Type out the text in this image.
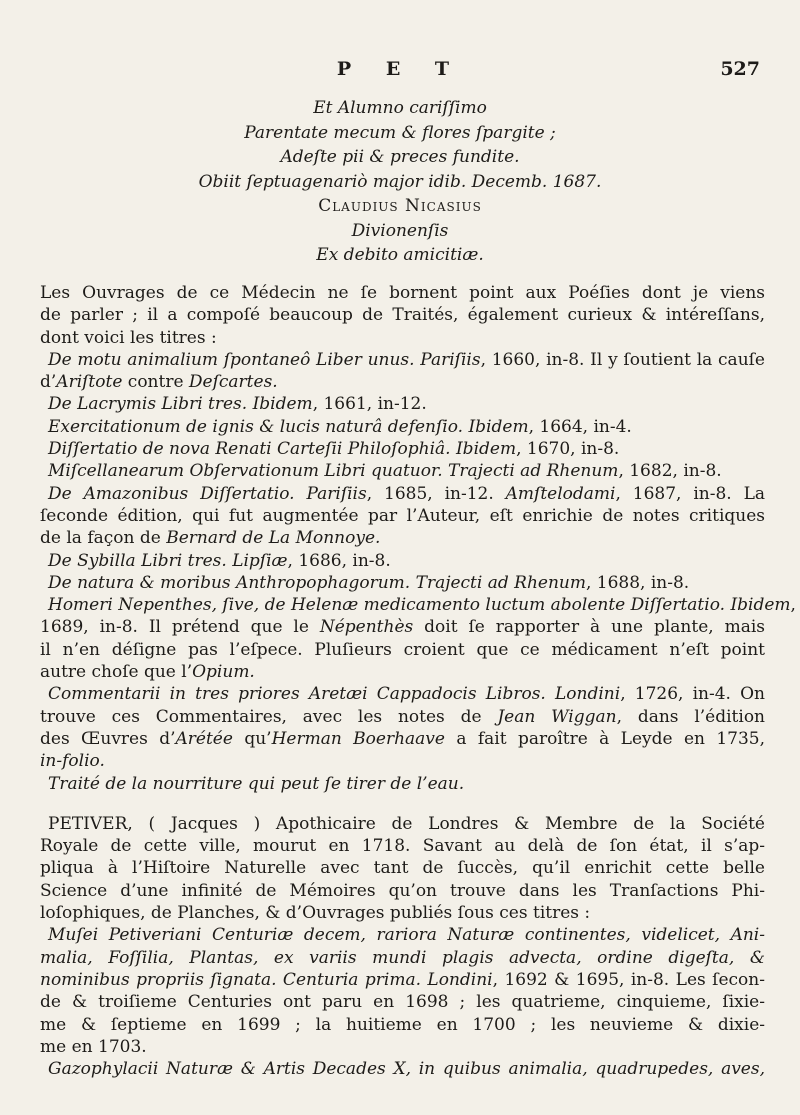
P E T	527
Et Alumno cariſſimo
Parentate mecum & flores ſpargite ;
Adeſte pii & preces fundite.
Obiit ſeptuagenariò major idib. Decemb. 1687.
Claudius Nicasius
Divionenſis
Ex debito amicitiæ.
Les Ouvrages de ce Médecin ne ſe bornent point aux Poéſies dont je viens
de parler ; il a compoſé beaucoup de Traités, également curieux & intéreſſans,
dont voici les titres :
De motu animalium ſpontaneô Liber unus. Pariſiis, 1660, in-8. Il y ſoutient la cauſe
d’Ariſtote contre Deſcartes.
De Lacrymis Libri tres. Ibidem, 1661, in-12.
Exercitationum de ignis & lucis naturâ defenſio. Ibidem, 1664, in-4.
Diſſertatio de nova Renati Carteſii Philoſophiâ. Ibidem, 1670, in-8.
Miſcellanearum Obſervationum Libri quatuor. Trajecti ad Rhenum, 1682, in-8.
De Amazonibus Diſſertatio. Pariſiis, 1685, in-12. Amſtelodami, 1687, in-8. La
ſeconde édition, qui fut augmentée par l’Auteur, eſt enrichie de notes critiques
de la façon de Bernard de La Monnoye.
De Sybilla Libri tres. Lipſiæ, 1686, in-8.
De natura & moribus Anthropophagorum. Trajecti ad Rhenum, 1688, in-8.
Homeri Nepenthes, ſive, de Helenæ medicamento luctum abolente Diſſertatio. Ibidem,
1689, in-8. Il prétend que le Népenthès doit ſe rapporter à une plante, mais
il n’en déſigne pas l’eſpece. Pluſieurs croient que ce médicament n’eſt point
autre choſe que l’Opium.
Commentarii in tres priores Aretæi Cappadocis Libros. Londini, 1726, in-4. On
trouve ces Commentaires, avec les notes de Jean Wiggan, dans l’édition
des Œuvres d’Arétée qu’Herman Boerhaave a fait paroître à Leyde en 1735,
in-folio.
Traité de la nourriture qui peut ſe tirer de l’eau.
PETIVER, ( Jacques ) Apothicaire de Londres & Membre de la Société
Royale de cette ville, mourut en 1718. Savant au delà de ſon état, il s’ap-
pliqua à l’Hiſtoire Naturelle avec tant de ſuccès, qu’il enrichit cette belle
Science d’une infinité de Mémoires qu’on trouve dans les Tranſactions Phi-
loſophiques, de Planches, & d’Ouvrages publiés ſous ces titres :
Muſei Petiveriani Centuriæ decem, rariora Naturæ continentes, videlicet, Ani-
malia, Foſſilia, Plantas, ex variis mundi plagis advecta, ordine digeſta, &
nominibus propriis ſignata. Centuria prima. Londini, 1692 & 1695, in-8. Les ſecon-
de & troiſieme Centuries ont paru en 1698 ; les quatrieme, cinquieme, ſixie-
me & ſeptieme en 1699 ; la huitieme en 1700 ; les neuvieme & dixie-
me en 1703.
Gazophylacii Naturæ & Artis Decades X, in quibus animalia, quadrupedes, aves,
